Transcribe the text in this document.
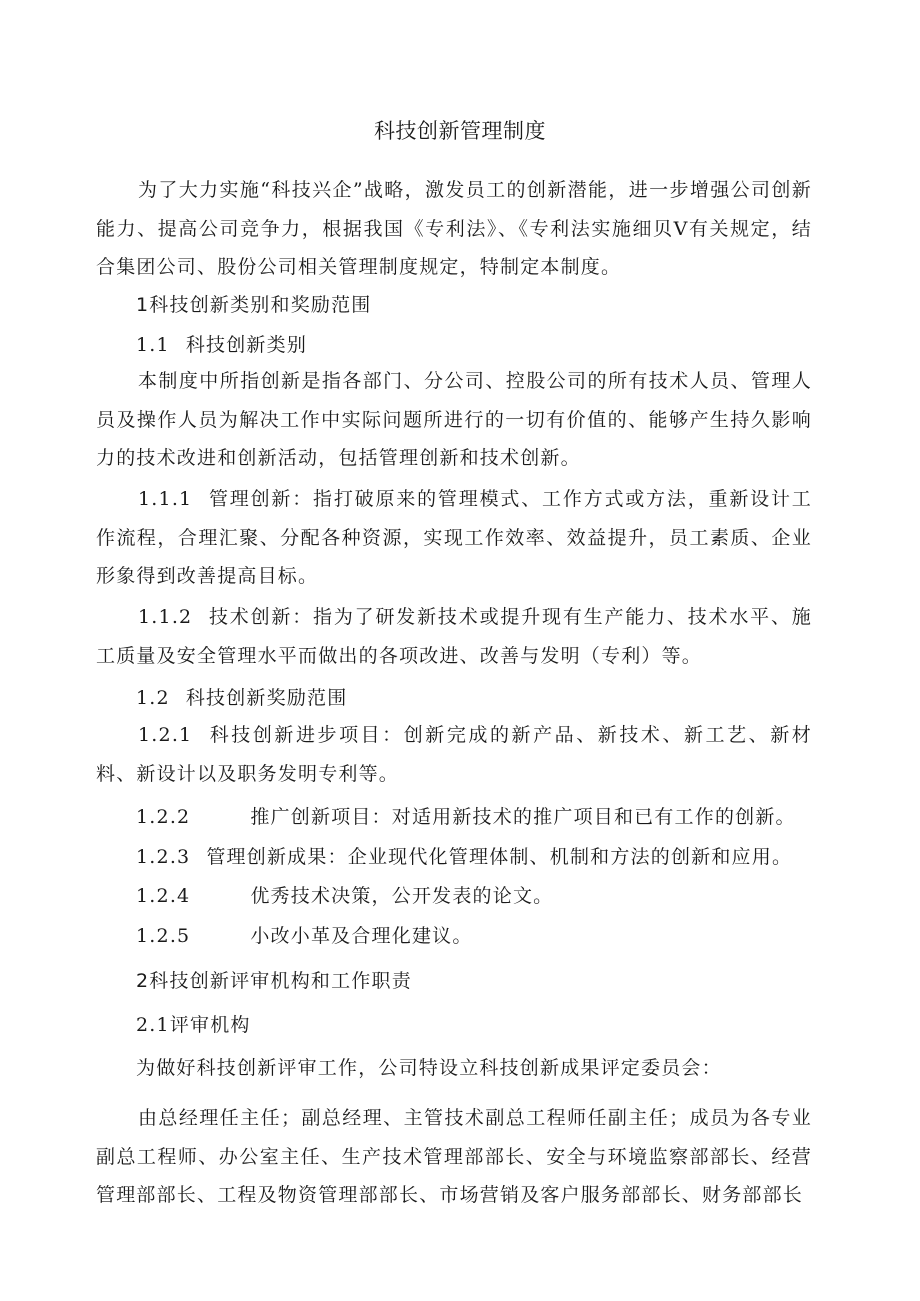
科技创新管理制度

为了大力实施“科技兴企”战略，激发员工的创新潜能，进一步增强公司创新能力、提高公司竞争力，根据我国《专利法》、《专利法实施细贝V有关规定，结合集团公司、股份公司相关管理制度规定，特制定本制度。

1科技创新类别和奖励范围
1.1 科技创新类别

本制度中所指创新是指各部门、分公司、控股公司的所有技术人员、管理人员及操作人员为解决工作中实际问题所进行的一切有价值的、能够产生持久影响力的技术改进和创新活动，包括管理创新和技术创新。

1.1.1 管理创新：指打破原来的管理模式、工作方式或方法，重新设计工作流程，合理汇聚、分配各种资源，实现工作效率、效益提升，员工素质、企业形象得到改善提高目标。

1.1.2 技术创新：指为了研发新技术或提升现有生产能力、技术水平、施工质量及安全管理水平而做出的各项改进、改善与发明（专利）等。

1.2 科技创新奖励范围

1.2.1 科技创新进步项目：创新完成的新产品、新技术、新工艺、新材料、新设计以及职务发明专利等。

1.2.2	推广创新项目：对适用新技术的推广项目和已有工作的创新。
1.2.3 管理创新成果：企业现代化管理体制、机制和方法的创新和应用。
1.2.4	优秀技术决策，公开发表的论文。
1.2.5	小改小革及合理化建议。
2科技创新评审机构和工作职责
2.1评审机构
为做好科技创新评审工作，公司特设立科技创新成果评定委员会：

由总经理任主任；副总经理、主管技术副总工程师任副主任；成员为各专业副总工程师、办公室主任、生产技术管理部部长、安全与环境监察部部长、经营管理部部长、工程及物资管理部部长、市场营销及客户服务部部长、财务部部长
